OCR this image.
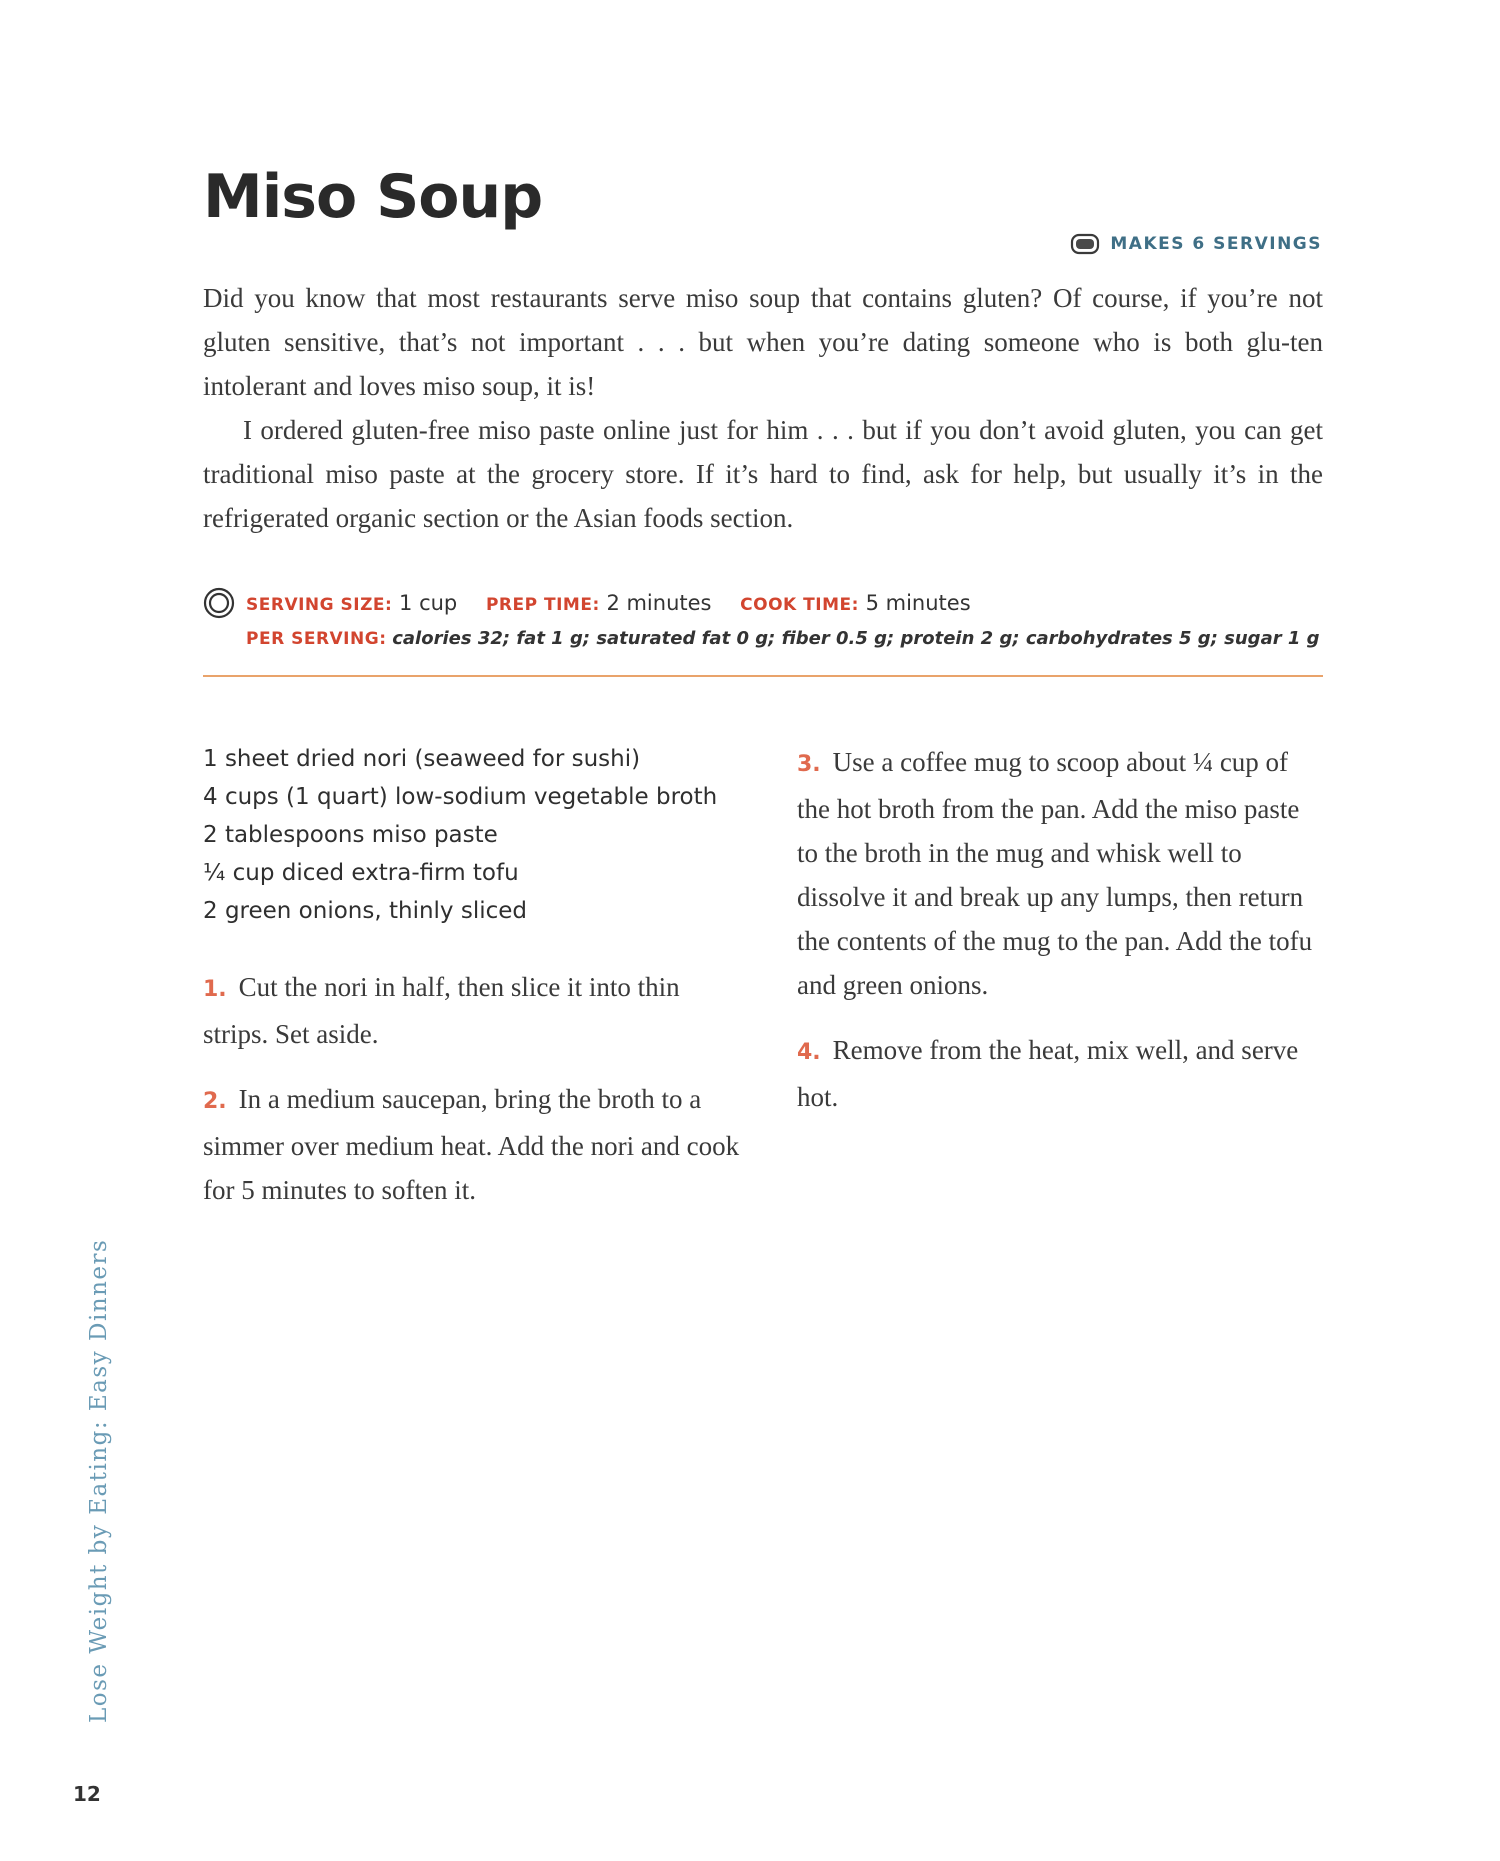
Miso Soup
MAKES 6 SERVINGS

Did you know that most restaurants serve miso soup that contains gluten? Of course, if you’re not gluten sensitive, that’s not important . . . but when you’re dating someone who is both glu-ten intolerant and loves miso soup, it is!

I ordered gluten-free miso paste online just for him . . . but if you don’t avoid gluten, you can get traditional miso paste at the grocery store. If it’s hard to find, ask for help, but usually it’s in the refrigerated organic section or the Asian foods section.

SERVING SIZE: 1 cup PREP TIME: 2 minutes COOK TIME: 5 minutes
PER SERVING: calories 32; fat 1 g; saturated fat 0 g; fiber 0.5 g; protein 2 g; carbohydrates 5 g; sugar 1 g
1 sheet dried nori (seaweed for sushi)
4 cups (1 quart) low-sodium vegetable broth
2 tablespoons miso paste
¼ cup diced extra-firm tofu
2 green onions, thinly sliced

1. Cut the nori in half, then slice it into thin strips. Set aside.

2. In a medium saucepan, bring the broth to a simmer over medium heat. Add the nori and cook for 5 minutes to soften it.

3. Use a coffee mug to scoop about ¼ cup of the hot broth from the pan. Add the miso paste to the broth in the mug and whisk well to dissolve it and break up any lumps, then return the contents of the mug to the pan. Add the tofu and green onions.

4. Remove from the heat, mix well, and serve hot.

Lose Weight by Eating: Easy Dinners
12
